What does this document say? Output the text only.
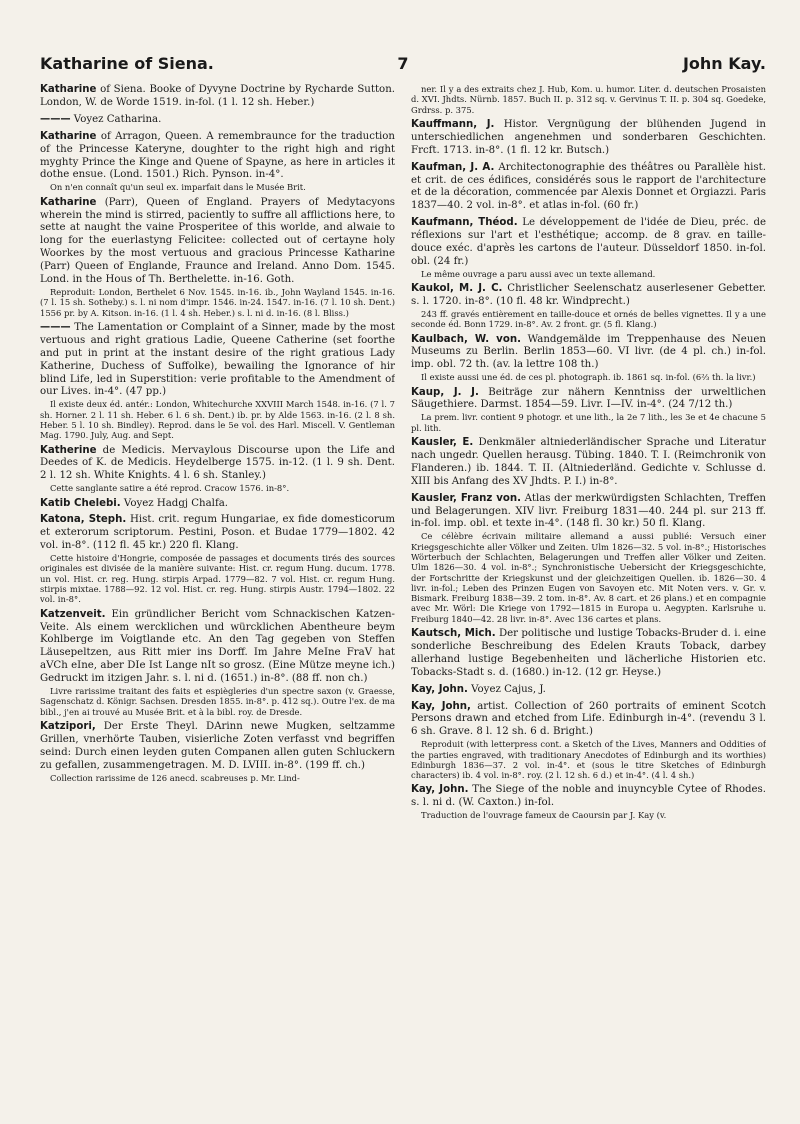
Katharine of Siena.	7	John Kay.

Katharine of Siena. Booke of Dyvyne Doctrine by Rycharde Sutton. London, W. de Worde 1519. in-fol. (1 l. 12 sh. Heber.)

——— Voyez Catharina.

Katharine of Arragon, Queen. A remembraunce for the traduction of the Princesse Kateryne, doughter to the right high and right myghty Prince the Kinge and Quene of Spayne, as here in articles it dothe ensue. (Lond. 1501.) Rich. Pynson. in-4°.

On n'en connaît qu'un seul ex. imparfait dans le Musée Brit.

Katharine (Parr), Queen of England. Prayers of Medytacyons wherein the mind is stirred, paciently to suffre all afflictions here, to sette at naught the vaine Prosperitee of this worlde, and alwaie to long for the euerlastyng Felicitee: collected out of certayne holy Woorkes by the most vertuous and gracious Princesse Katharine (Parr) Queen of Englande, Fraunce and Ireland. Anno Dom. 1545. Lond. in the Hous of Th. Berthelette. in-16. Goth.

Reproduit: London, Berthelet 6 Nov. 1545. in-16. ib., John Wayland 1545. in-16. (7 l. 15 sh. Sotheby.) s. l. ni nom d'impr. 1546. in-24. 1547. in-16. (7 l. 10 sh. Dent.) 1556 pr. by A. Kitson. in-16. (1 l. 4 sh. Heber.) s. l. ni d. in-16. (8 l. Bliss.)

——— The Lamentation or Complaint of a Sinner, made by the most vertuous and right gratious Ladie, Queene Catherine (set foorthe and put in print at the instant desire of the right gratious Lady Katherine, Duchess of Suffolke), bewailing the Ignorance of hir blind Life, led in Superstition: verie profitable to the Amendment of our Lives. in-4°. (47 pp.)

Il existe deux éd. antér.: London, Whitechurche XXVIII March 1548. in-16. (7 l. 7 sh. Horner. 2 l. 11 sh. Heber. 6 l. 6 sh. Dent.) ib. pr. by Alde 1563. in-16. (2 l. 8 sh. Heber. 5 l. 10 sh. Bindley). Reprod. dans le 5e vol. des Harl. Miscell. V. Gentleman Mag. 1790. July, Aug. and Sept.

Katherine de Medicis. Mervaylous Discourse upon the Life and Deedes of K. de Medicis. Heydelberge 1575. in-12. (1 l. 9 sh. Dent. 2 l. 12 sh. White Knights. 4 l. 6 sh. Stanley.)

Cette sanglante satire a été reprod. Cracow 1576. in-8°.

Katib Chelebi. Voyez Hadgj Chalfa.

Katona, Steph. Hist. crit. regum Hungariae, ex fide domesticorum et exterorum scriptorum. Pestini, Poson. et Budae 1779—1802. 42 vol. in-8°. (112 fl. 45 kr.) 220 fl. Klang.

Cette histoire d'Hongrie, composée de passages et documents tirés des sources originales est divisée de la manière suivante: Hist. cr. regum Hung. ducum. 1778. un vol. Hist. cr. reg. Hung. stirpis Arpad. 1779—82. 7 vol. Hist. cr. regum Hung. stirpis mixtae. 1788—92. 12 vol. Hist. cr. reg. Hung. stirpis Austr. 1794—1802. 22 vol. in-8°.

Katzenveit. Ein gründlicher Bericht vom Schnackischen Katzen-Veite. Als einem wercklichen und würcklichen Abentheure beym Kohlberge im Voigtlande etc. An den Tag gegeben von Steffen Läusepeltzen, aus Ritt mier ins Dorff. Im Jahre MeIne FraV hat aVCh eIne, aber DIe Ist Lange nIt so grosz. (Eine Mütze meyne ich.) Gedruckt im itzigen Jahr. s. l. ni d. (1651.) in-8°. (88 ff. non ch.)

Livre rarissime traitant des faits et espiègleries d'un spectre saxon (v. Graesse, Sagenschatz d. Königr. Sachsen. Dresden 1855. in-8°. p. 412 sq.). Outre l'ex. de ma bibl., j'en ai trouvé au Musée Brit. et à la bibl. roy. de Dresde.

Katzipori, Der Erste Theyl. DArinn newe Mugken, seltzamme Grillen, vnerhörte Tauben, visierliche Zoten verfasst vnd begriffen seind: Durch einen leyden guten Companen allen guten Schluckern zu gefallen, zusammengetragen. M. D. LVIII. in-8°. (199 ff. ch.)

Collection rarissime de 126 anecd. scabreuses p. Mr. Lind-

ner. Il y a des extraits chez J. Hub, Kom. u. humor. Liter. d. deutschen Prosaisten d. XVI. Jhdts. Nürnb. 1857. Buch II. p. 312 sq. v. Gervinus T. II. p. 304 sq. Goedeke, Grdrss. p. 375.

Kauffmann, J. Histor. Vergnügung der blühenden Jugend in unterschiedlichen angenehmen und sonderbaren Geschichten. Frcft. 1713. in-8°. (1 fl. 12 kr. Butsch.)

Kaufman, J. A. Architectonographie des théâtres ou Parallèle hist. et crit. de ces édifices, considérés sous le rapport de l'architecture et de la décoration, commencée par Alexis Donnet et Orgiazzi. Paris 1837—40. 2 vol. in-8°. et atlas in-fol. (60 fr.)

Kaufmann, Théod. Le développement de l'idée de Dieu, préc. de réflexions sur l'art et l'esthétique; accomp. de 8 grav. en taille-douce exéc. d'après les cartons de l'auteur. Düsseldorf 1850. in-fol. obl. (24 fr.)

Le même ouvrage a paru aussi avec un texte allemand.

Kaukol, M. J. C. Christlicher Seelenschatz auserlesener Gebetter. s. l. 1720. in-8°. (10 fl. 48 kr. Windprecht.)

243 ff. gravés entièrement en taille-douce et ornés de belles vignettes. Il y a une seconde éd. Bonn 1729. in-8°. Av. 2 front. gr. (5 fl. Klang.)

Kaulbach, W. von. Wandgemälde im Treppenhause des Neuen Museums zu Berlin. Berlin 1853—60. VI livr. (de 4 pl. ch.) in-fol. imp. obl. 72 th. (av. la lettre 108 th.)

Il existe aussi une éd. de ces pl. photograph. ib. 1861 sq. in-fol. (6⅔ th. la livr.)

Kaup, J. J. Beiträge zur nähern Kenntniss der urweltlichen Säugethiere. Darmst. 1854—59. Livr. I—IV. in-4°. (24 7/12 th.)

La prem. livr. contient 9 photogr. et une lith., la 2e 7 lith., les 3e et 4e chacune 5 pl. lith.

Kausler, E. Denkmäler altniederländischer Sprache und Literatur nach ungedr. Quellen herausg. Tübing. 1840. T. I. (Reimchronik von Flanderen.) ib. 1844. T. II. (Altniederländ. Gedichte v. Schlusse d. XIII bis Anfang des XV Jhdts. P. I.) in-8°.

Kausler, Franz von. Atlas der merkwürdigsten Schlachten, Treffen und Belagerungen. XIV livr. Freiburg 1831—40. 244 pl. sur 213 ff. in-fol. imp. obl. et texte in-4°. (148 fl. 30 kr.) 50 fl. Klang.

Ce célèbre écrivain militaire allemand a aussi publié: Versuch einer Kriegsgeschichte aller Völker und Zeiten. Ulm 1826—32. 5 vol. in-8°.; Historisches Wörterbuch der Schlachten, Belagerungen und Treffen aller Völker und Zeiten. Ulm 1826—30. 4 vol. in-8°.; Synchronistische Uebersicht der Kriegsgeschichte, der Fortschritte der Kriegskunst und der gleichzeitigen Quellen. ib. 1826—30. 4 livr. in-fol.; Leben des Prinzen Eugen von Savoyen etc. Mit Noten vers. v. Gr. v. Bismark. Freiburg 1838—39. 2 tom. in-8°. Av. 8 cart. et 26 plans.) et en compagnie avec Mr. Wörl: Die Kriege von 1792—1815 in Europa u. Aegypten. Karlsruhe u. Freiburg 1840—42. 28 livr. in-8°. Avec 136 cartes et plans.

Kautsch, Mich. Der politische und lustige Tobacks-Bruder d. i. eine sonderliche Beschreibung des Edelen Krauts Toback, darbey allerhand lustige Begebenheiten und lächerliche Historien etc. Tobacks-Stadt s. d. (1680.) in-12. (12 gr. Heyse.)

Kay, John. Voyez Cajus, J.

Kay, John, artist. Collection of 260 portraits of eminent Scotch Persons drawn and etched from Life. Edinburgh in-4°. (revendu 3 l. 6 sh. Grave. 8 l. 12 sh. 6 d. Bright.)

Reproduit (with letterpress cont. a Sketch of the Lives, Manners and Oddities of the parties engraved, with traditionary Anecdotes of Edinburgh and its worthies) Edinburgh 1836—37. 2 vol. in-4°. et (sous le titre Sketches of Edinburgh characters) ib. 4 vol. in-8°. roy. (2 l. 12 sh. 6 d.) et in-4°. (4 l. 4 sh.)

Kay, John. The Siege of the noble and inuyncyble Cytee of Rhodes. s. l. ni d. (W. Caxton.) in-fol.

Traduction de l'ouvrage fameux de Caoursin par J. Kay (v.
